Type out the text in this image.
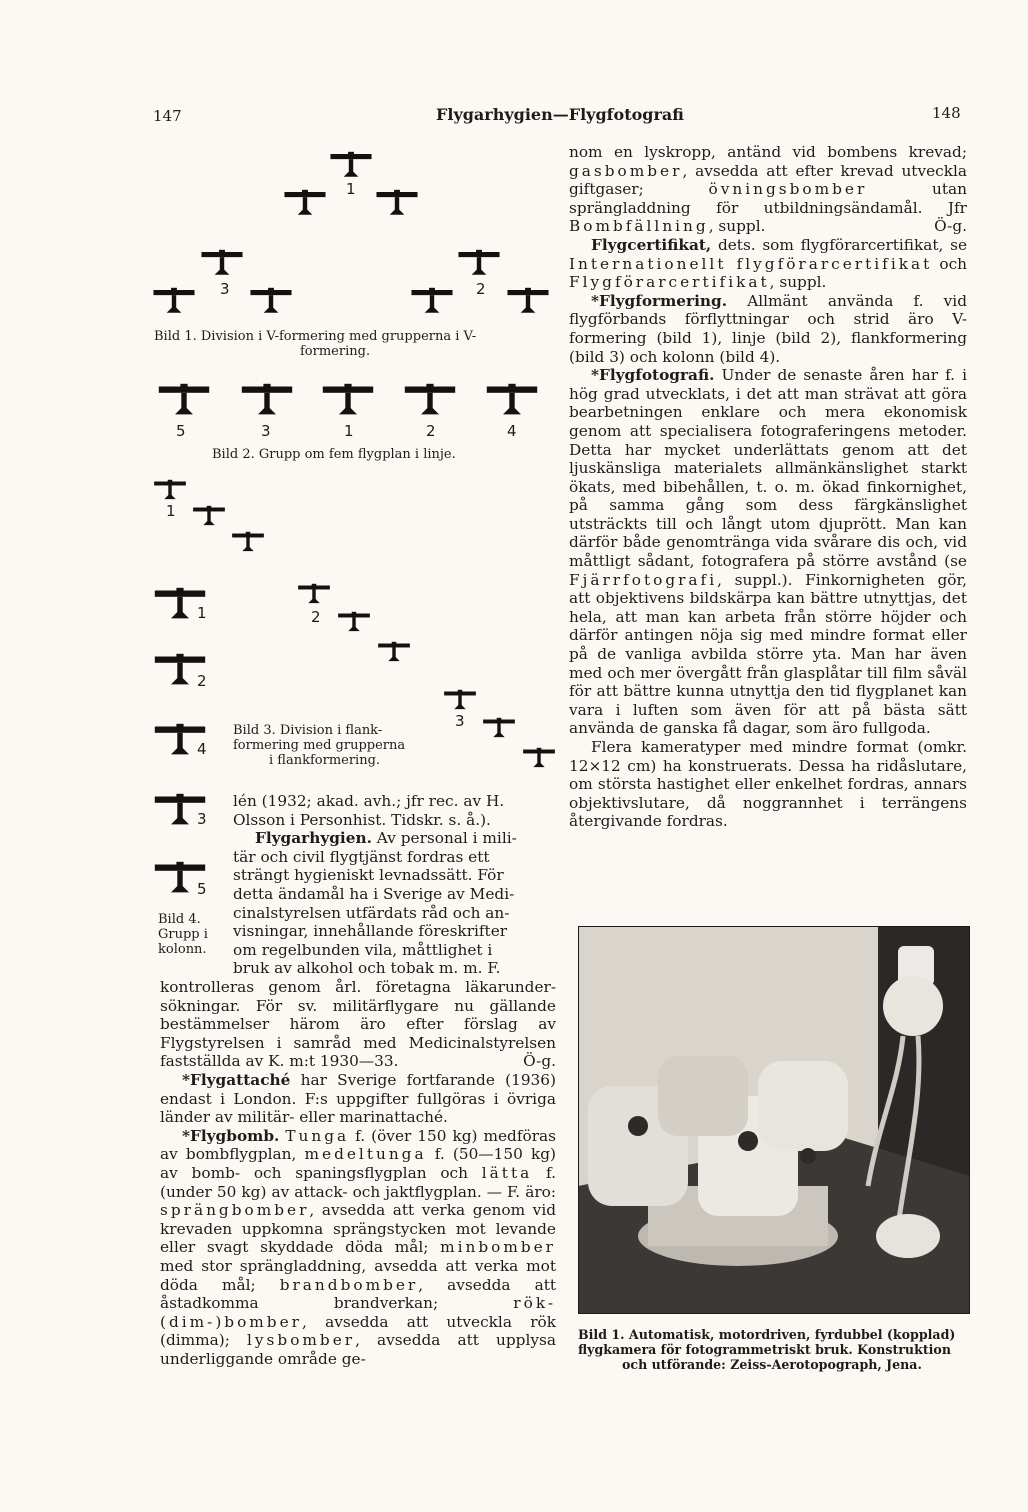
147	Flygarhygien—Flygfotografi	148
1
3	2
Bild 1. Division i V-formering med grupperna i V-
formering.
5	3	1	2	4
Bild 2. Grupp om fem flygplan i linje.
1
2
3
Bild 3. Division i flank-
formering med grupperna
i flankformering.
1
2
4
3
5
Bild 4.
Grupp i
kolonn.
lén (1932; akad. avh.; jfr rec. av H.
Olsson i Personhist. Tidskr. s. å.).
Flygarhygien. Av personal i mili-
tär och civil flygtjänst fordras ett
strängt hygieniskt levnadssätt. För
detta ändamål ha i Sverige av Medi-
cinalstyrelsen utfärdats råd och an-
visningar, innehållande föreskrifter
om regelbunden vila, måttlighet i
bruk av alkohol och tobak m. m. F.

kontrolleras genom årl. företagna läkarunder-sökningar. För sv. militärflygare nu gällande bestämmelser härom äro efter förslag av Flygstyrelsen i samråd med Medicinalstyrelsen fastställda av K. m:t 1930—33.	Ö-g.

*Flygattaché har Sverige fortfarande (1936) endast i London. F:s uppgifter fullgöras i övriga länder av militär- eller marinattaché.

*Flygbomb. Tunga f. (över 150 kg) medföras av bombflygplan, medeltunga f. (50—150 kg) av bomb- och spaningsflygplan och lätta f. (under 50 kg) av attack- och jaktflygplan. — F. äro: sprängbomber, avsedda att verka genom vid krevaden uppkomna sprängstycken mot levande eller svagt skyddade döda mål; minbomber med stor sprängladdning, avsedda att verka mot döda mål; brandbomber, avsedda att åstadkomma brandverkan; rök-(dim-)bomber, avsedda att utveckla rök (dimma); lysbomber, avsedda att upplysa underliggande område ge-

nom en lyskropp, antänd vid bombens krevad; gasbomber, avsedda att efter krevad utveckla giftgaser; övningsbomber utan sprängladdning för utbildningsändamål. Jfr Bombfällning, suppl.	Ö-g.

Flygcertifikat, dets. som flygförarcertifikat, se Internationellt flygförarcertifikat och Flygförarcertifikat, suppl.

*Flygformering. Allmänt använda f. vid flygförbands förflyttningar och strid äro V-formering (bild 1), linje (bild 2), flankformering (bild 3) och kolonn (bild 4).

*Flygfotografi. Under de senaste åren har f. i hög grad utvecklats, i det att man strävat att göra bearbetningen enklare och mera ekonomisk genom att specialisera fotograferingens metoder. Detta har mycket underlättats genom att det ljuskänsliga materialets allmänkänslighet starkt ökats, med bibehållen, t. o. m. ökad finkornighet, på samma gång som dess färgkänslighet utsträckts till och långt utom djuprött. Man kan därför både genomtränga vida svårare dis och, vid måttligt sådant, fotografera på större avstånd (se Fjärrfotografi, suppl.). Finkornigheten gör, att objektivens bildskärpa kan bättre utnyttjas, det hela, att man kan arbeta från större höjder och därför antingen nöja sig med mindre format eller på de vanliga avbilda större yta. Man har även med och mer övergått från glasplåtar till film såväl för att bättre kunna utnyttja den tid flygplanet kan vara i luften som även för att på bästa sätt använda de ganska få dagar, som äro fullgoda.

Flera kameratyper med mindre format (omkr. 12×12 cm) ha konstruerats. Dessa ha ridåslutare, om största hastighet eller enkelhet fordras, annars objektivslutare, då noggrannhet i terrängens återgivande fordras.

Bild 1. Automatisk, motordriven, fyrdubbel (kopplad)
flygkamera för fotogrammetriskt bruk. Konstruktion
och utförande: Zeiss-Aerotopograph, Jena.
